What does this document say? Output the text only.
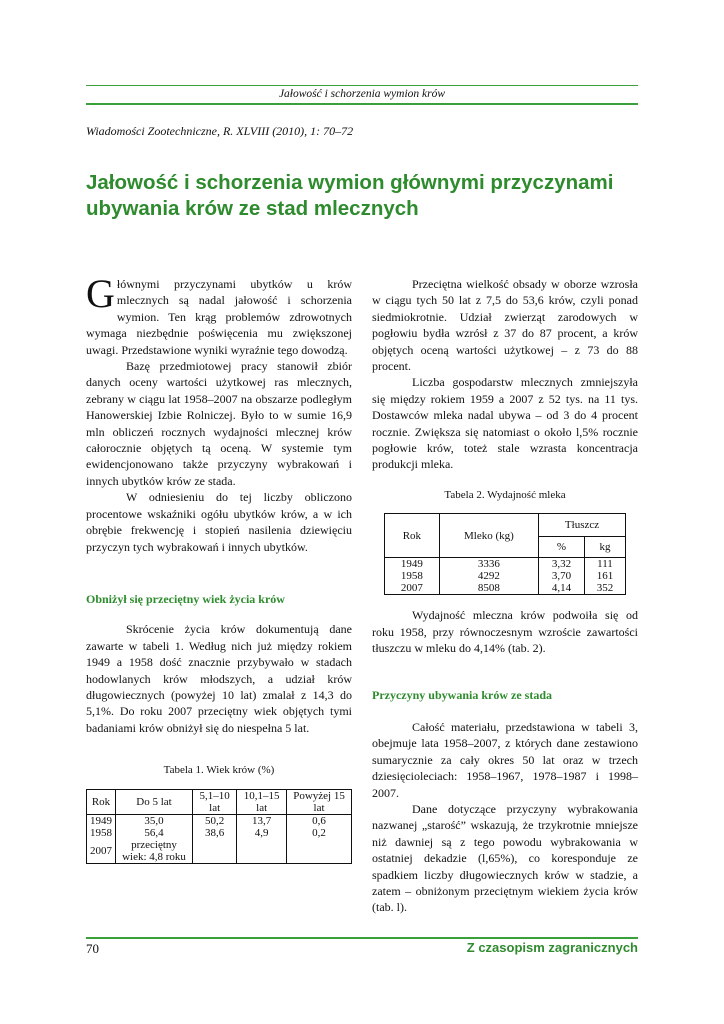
Jałowość i schorzenia wymion krów
Wiadomości Zootechniczne, R. XLVIII (2010), 1: 70–72
Jałowość i schorzenia wymion głównymi przyczynami ubywania krów ze stad mlecznych

Głównymi przyczynami ubytków u krów mlecznych są nadal jałowość i schorzenia wymion. Ten krąg problemów zdrowotnych wymaga niezbędnie poświęcenia mu zwiększonej uwagi. Przedstawione wyniki wyraźnie tego dowodzą.

Bazę przedmiotowej pracy stanowił zbiór danych oceny wartości użytkowej ras mlecznych, zebrany w ciągu lat 1958–2007 na obszarze podległym Hanowerskiej Izbie Rolniczej. Było to w sumie 16,9 mln obliczeń rocznych wydajności mlecznej krów całorocznie objętych tą oceną. W systemie tym ewidencjonowano także przyczyny wybrakowań i innych ubytków krów ze stada.

W odniesieniu do tej liczby obliczono procentowe wskaźniki ogółu ubytków krów, a w ich obrębie frekwencję i stopień nasilenia dziewięciu przyczyn tych wybrakowań i innych ubytków.

Obniżył się przeciętny wiek życia krów

Skrócenie życia krów dokumentują dane zawarte w tabeli 1. Według nich już między rokiem 1949 a 1958 dość znacznie przybywało w stadach hodowlanych krów młodszych, a udział krów długowiecznych (powyżej 10 lat) zmalał z 14,3 do 5,1%. Do roku 2007 przeciętny wiek objętych tymi badaniami krów obniżył się do niespełna 5 lat.

Tabela 1. Wiek krów (%)
Rok	Do 5 lat	5,1–10 lat	10,1–15 lat	Powyżej 15 lat
1949	35,0	50,2	13,7	0,6
1958	56,4	38,6	4,9	0,2
2007	przeciętny wiek: 4,8 roku			

Przeciętna wielkość obsady w oborze wzrosła w ciągu tych 50 lat z 7,5 do 53,6 krów, czyli ponad siedmiokrotnie. Udział zwierząt zarodowych w pogłowiu bydła wzrósł z 37 do 87 procent, a krów objętych oceną wartości użytkowej – z 73 do 88 procent.

Liczba gospodarstw mlecznych zmniejszyła się między rokiem 1959 a 2007 z 52 tys. na 11 tys. Dostawców mleka nadal ubywa – od 3 do 4 procent rocznie. Zwiększa się natomiast o około l,5% rocznie pogłowie krów, toteż stale wzrasta koncentracja produkcji mleka.

Tabela 2. Wydajność mleka
Rok	Mleko (kg)	Tłuszcz	
		%	kg
1949	3336	3,32	111
1958	4292	3,70	161
2007	8508	4,14	352

Wydajność mleczna krów podwoiła się od roku 1958, przy równoczesnym wzroście zawartości tłuszczu w mleku do 4,14% (tab. 2).

Przyczyny ubywania krów ze stada

Całość materiału, przedstawiona w tabeli 3, obejmuje lata 1958–2007, z których dane zestawiono sumarycznie za cały okres 50 lat oraz w trzech dziesięcioleciach: 1958–1967, 1978–1987 i 1998–2007.

Dane dotyczące przyczyny wybrakowania nazwanej „starość” wskazują, że trzykrotnie mniejsze niż dawniej są z tego powodu wybrakowania w ostatniej dekadzie (l,65%), co koresponduje ze spadkiem liczby długowiecznych krów w stadzie, a zatem – obniżonym przeciętnym wiekiem życia krów (tab. l).

70	Z czasopism zagranicznych
